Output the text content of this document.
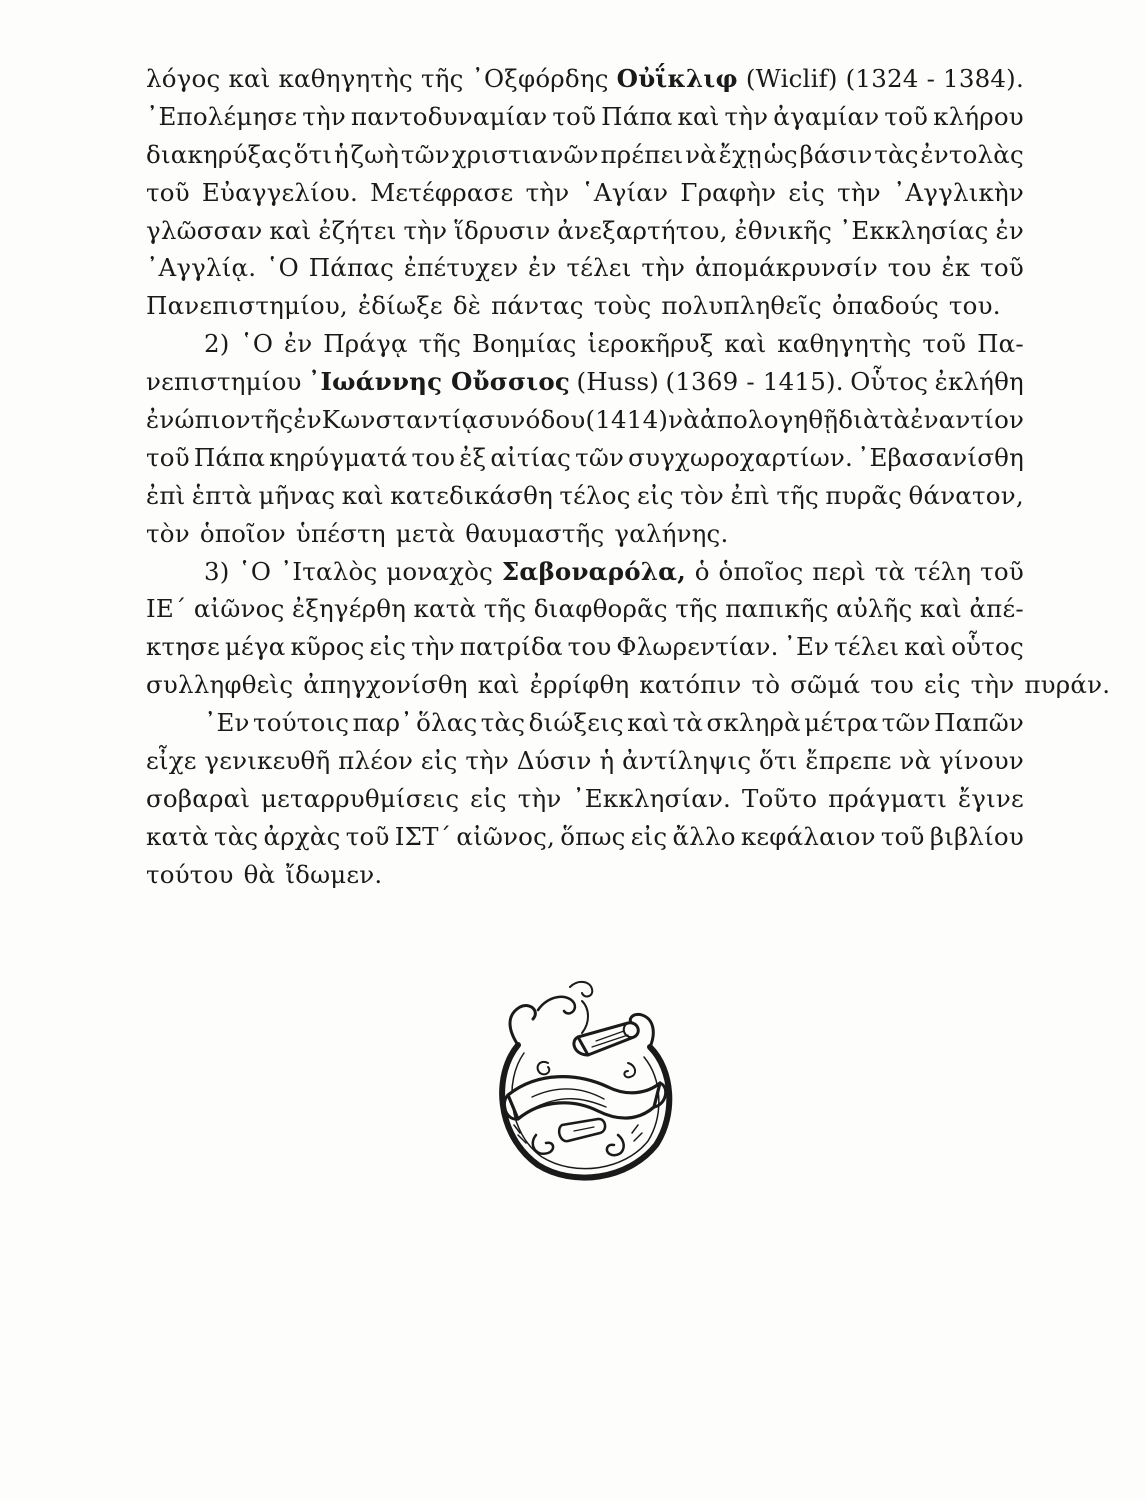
λόγος καὶ καθηγητὴς τῆς ᾿Οξφόρδης Οὐΐκλιφ (Wiclif) (1324 - 1384).
᾿Επολέμησε τὴν παντοδυναμίαν τοῦ Πάπα καὶ τὴν ἀγαμίαν τοῦ κλήρου
διακηρύξας ὅτι ἡ ζωὴ τῶν χριστιανῶν πρέπει νὰ ἔχῃ ὡς βάσιν τὰς ἐντολὰς
τοῦ Εὐαγγελίου. Μετέφρασε τὴν ῾Αγίαν Γραφὴν εἰς τὴν ᾿Αγγλικὴν
γλῶσσαν καὶ ἐζήτει τὴν ἵδρυσιν ἀνεξαρτήτου, ἐθνικῆς ᾿Εκκλησίας ἐν
᾿Αγγλίᾳ. ῾Ο Πάπας ἐπέτυχεν ἐν τέλει τὴν ἀπομάκρυνσίν του ἐκ τοῦ
Πανεπιστημίου, ἐδίωξε δὲ πάντας τοὺς πολυπληθεῖς ὀπαδούς του.
2) ῾Ο ἐν Πράγᾳ τῆς Βοημίας ἱεροκῆρυξ καὶ καθηγητὴς τοῦ Πα-
νεπιστημίου ᾿Ιωάννης Οὔσσιος (Huss) (1369 - 1415). Οὗτος ἐκλήθη
ἐνώπιον τῆς ἐν Κωνσταντίᾳ συνόδου (1414) νὰ ἀπολογηθῇ διὰ τὰ ἐναντίον
τοῦ Πάπα κηρύγματά του ἐξ αἰτίας τῶν συγχωροχαρτίων. ᾿Εβασανίσθη
ἐπὶ ἑπτὰ μῆνας καὶ κατεδικάσθη τέλος εἰς τὸν ἐπὶ τῆς πυρᾶς θάνατον,
τὸν ὁποῖον ὑπέστη μετὰ θαυμαστῆς γαλήνης.
3) ῾Ο ᾿Ιταλὸς μοναχὸς Σαβοναρόλα, ὁ ὁποῖος περὶ τὰ τέλη τοῦ
ΙΕ΄ αἰῶνος ἐξηγέρθη κατὰ τῆς διαφθορᾶς τῆς παπικῆς αὐλῆς καὶ ἀπέ-
κτησε μέγα κῦρος εἰς τὴν πατρίδα του Φλωρεντίαν. ᾿Εν τέλει καὶ οὗτος
συλληφθεὶς ἀπηγχονίσθη καὶ ἐρρίφθη κατόπιν τὸ σῶμά του εἰς τὴν πυράν.
᾿Εν τούτοις παρ᾿ ὅλας τὰς διώξεις καὶ τὰ σκληρὰ μέτρα τῶν Παπῶν
εἶχε γενικευθῆ πλέον εἰς τὴν Δύσιν ἡ ἀντίληψις ὅτι ἔπρεπε νὰ γίνουν
σοβαραὶ μεταρρυθμίσεις εἰς τὴν ᾿Εκκλησίαν. Τοῦτο πράγματι ἔγινε
κατὰ τὰς ἀρχὰς τοῦ ΙΣΤ΄ αἰῶνος, ὅπως εἰς ἄλλο κεφάλαιον τοῦ βιβλίου
τούτου θὰ ἴδωμεν.
